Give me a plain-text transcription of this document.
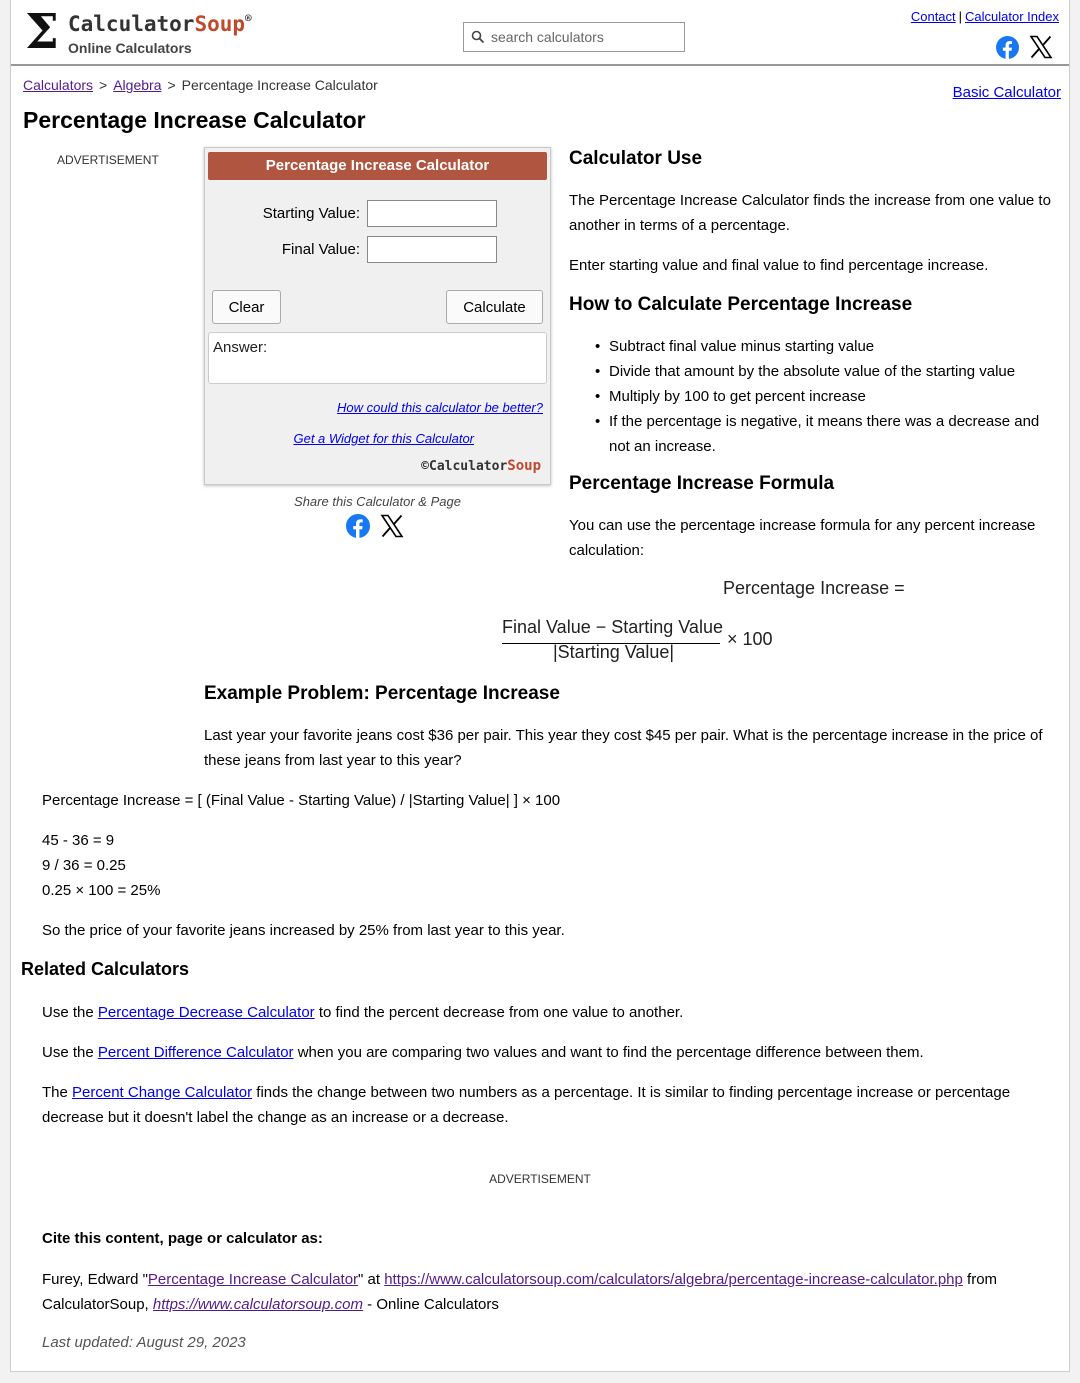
Σ CalculatorSoup®
Online Calculators
search calculators
Contact | Calculator Index
Calculators > Algebra > Percentage Increase Calculator	Basic Calculator
Percentage Increase Calculator
ADVERTISEMENT	Percentage Increase Calculator
Starting Value:
Final Value:
Clear	Calculate
Answer:
How could this calculator be better?
Get a Widget for this Calculator
©CalculatorSoup
Share this Calculator & Page
Calculator Use

The Percentage Increase Calculator finds the increase from one value to another in terms of a percentage.

Enter starting value and final value to find percentage increase.

How to Calculate Percentage Increase
• Subtract final value minus starting value
• Divide that amount by the absolute value of the starting value
• Multiply by 100 to get percent increase
• If the percentage is negative, it means there was a decrease and not an increase.
Percentage Increase Formula

You can use the percentage increase formula for any percent increase calculation:

Percentage Increase =
Final Value − Starting Value
|Starting Value|
× 100
Example Problem: Percentage Increase

Last year your favorite jeans cost $36 per pair. This year they cost $45 per pair. What is the percentage increase in the price of these jeans from last year to this year?

Percentage Increase = [ (Final Value - Starting Value) / |Starting Value| ] × 100

45 - 36 = 9
9 / 36 = 0.25
0.25 × 100 = 25%

So the price of your favorite jeans increased by 25% from last year to this year.

Related Calculators

Use the Percentage Decrease Calculator to find the percent decrease from one value to another.

Use the Percent Difference Calculator when you are comparing two values and want to find the percentage difference between them.

The Percent Change Calculator finds the change between two numbers as a percentage. It is similar to finding percentage increase or percentage decrease but it doesn't label the change as an increase or a decrease.

ADVERTISEMENT
Cite this content, page or calculator as:

Furey, Edward "Percentage Increase Calculator" at https://www.calculatorsoup.com/calculators/algebra/percentage-increase-calculator.php from CalculatorSoup, https://www.calculatorsoup.com - Online Calculators

Last updated: August 29, 2023
